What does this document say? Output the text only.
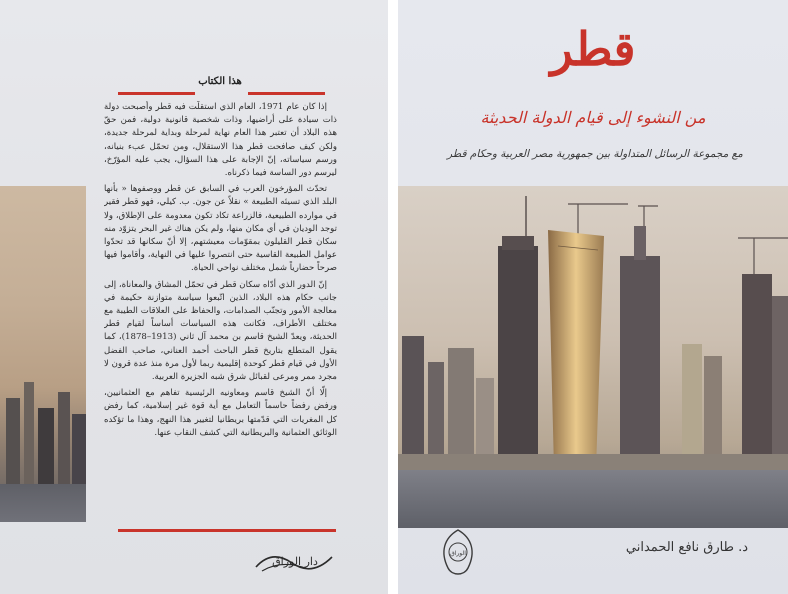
هذا الكتاب

إذا كان عام 1971، العام الذي استقلّت فيه قطر وأصبحت دولة ذات سيادة على أراضيها، وذات شخصية قانونية دولية، فمن حقّ هذه البلاد أن تعتبر هذا العام نهاية لمرحلة وبداية لمرحلة جديدة، ولكن كيف صافحت قطر هذا الاستقلال، ومن تحمّل عبء بنيانه، ورسم سياساته، إنّ الإجابة على هذا السؤال، يجب عليه المؤرّخ، ليرسم دور الساسة فيما ذكرناه.

تحدّث المؤرخون العرب في السابق عن قطر ووصفوها « بأنها البلد الذي تسيئه الطبيعة » نقلاً عن جون. ب. كيلي، فهو قطر فقير في موارده الطبيعية، فالزراعة تكاد تكون معدومة على الإطلاق، ولا توجد الوديان في أي مكان منها، ولم يكن هناك غير البحر يتزوّد منه سكان قطر القليلون بمقوّمات معيشتهم، إلا أنّ سكانها قد تحدّوا عوامل الطبيعة القاسية حتى انتصروا عليها في النهاية، وأقاموا فيها صرحاً حضارياً شمل مختلف نواحي الحياة.

إنّ الدور الذي أدّاه سكان قطر في تحمّل المشاق والمعاناة، إلى جانب حكام هذه البلاد، الذين اتّبعوا سياسة متوازنة حكيمة في معالجة الأمور وتجنّب الصدامات، والحفاظ على العلاقات الطيبة مع مختلف الأطراف، فكانت هذه السياسات أساساً لقيام قطر الحديثة، ويعدّ الشيخ قاسم بن محمد آل ثاني (1913–1878)، كما يقول المتطلع بتاريخ قطر الباحث أحمد العناني، صاحب الفضل الأول في قيام قطر كوحدة إقليمية ربما لأول مرة منذ عدة قرون لا مجرد ممر ومرعى لقبائل شرق شبه الجزيرة العربية.

إلّا أنّ الشيخ قاسم ومعاونيه الرئيسية تفاهم مع العثمانيين، ورفض رفضاً حاسماً التعامل مع أية قوة غير إسلامية، كما رفض كل المغريات التي قدّمتها بريطانيا لتغيير هذا النهج، وهذا ما تؤكده الوثائق العثمانية والبريطانية التي كشف النقاب عنها.

دار الوراق
قطر
من النشوء إلى قيام الدولة الحديثة
مع مجموعة الرسائل المتداولة بين جمهورية مصر العربية وحكام قطر
د. طارق نافع الحمداني
الوراق
